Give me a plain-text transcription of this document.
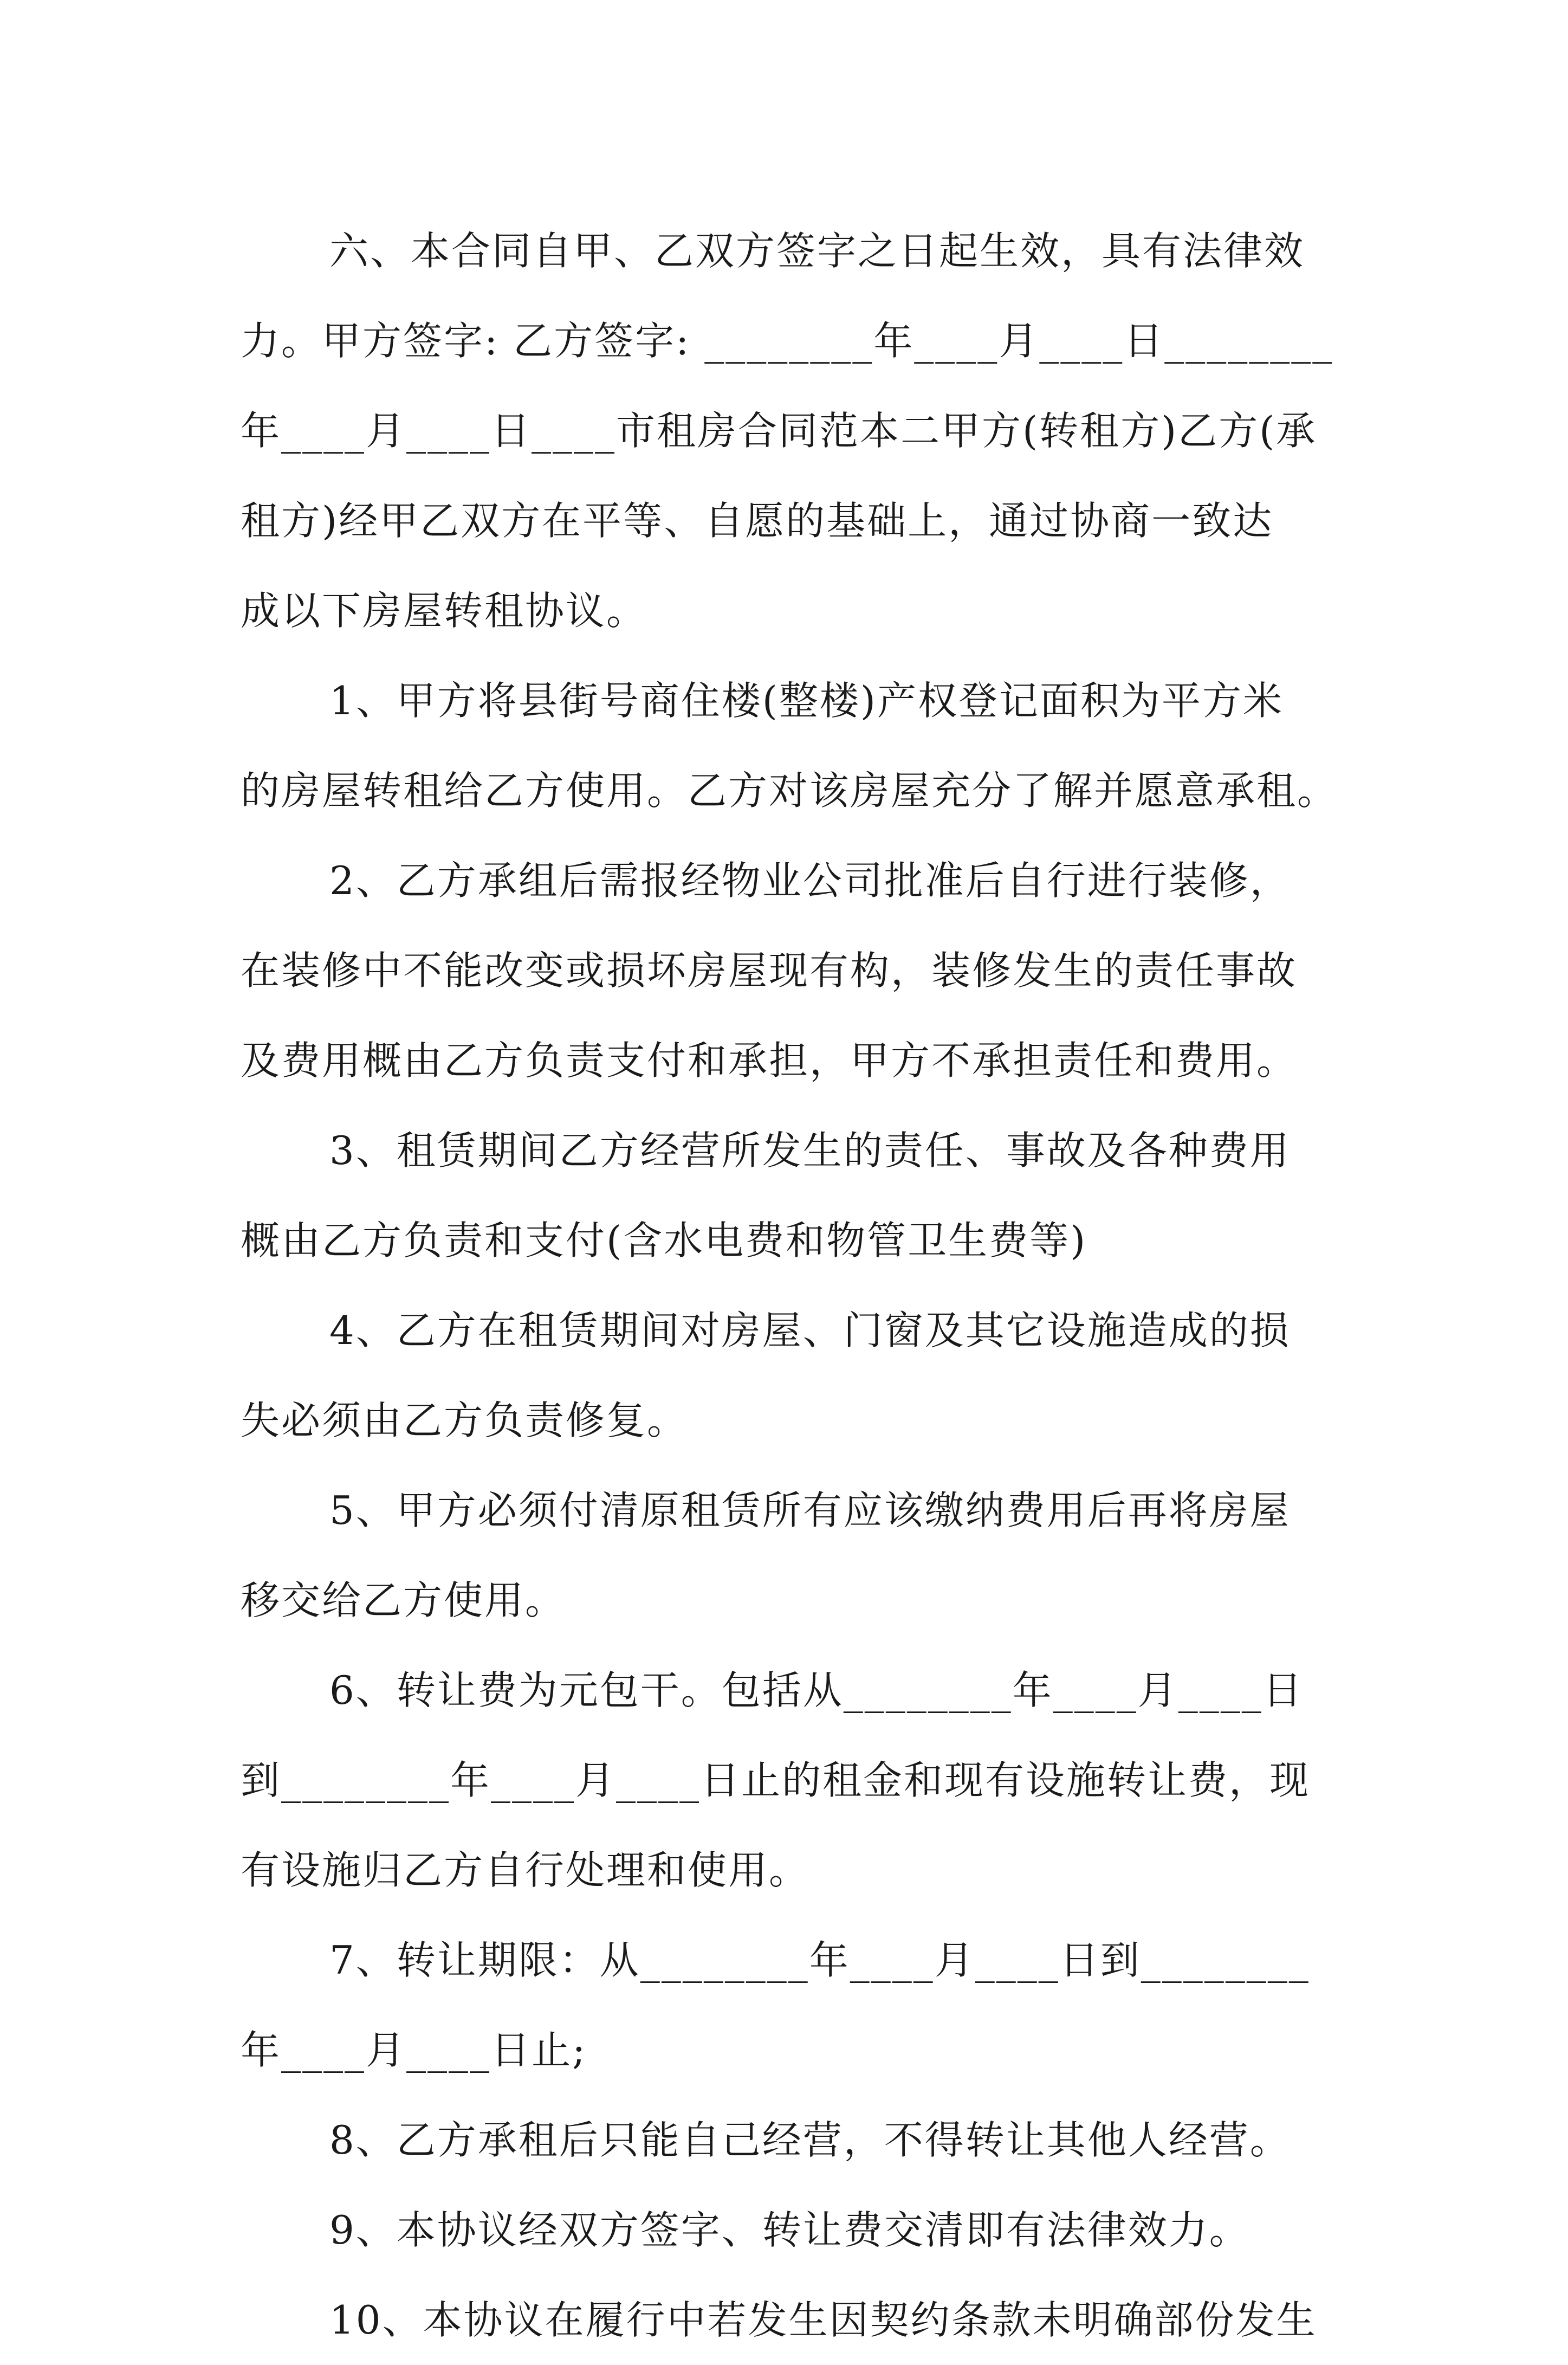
六、本合同自甲、乙双方签字之日起生效，具有法律效
力。甲方签字: 乙方签字: ________年____月____日________
年____月____日____市租房合同范本二甲方(转租方)乙方(承
租方)经甲乙双方在平等、自愿的基础上，通过协商一致达
成以下房屋转租协议。
1、甲方将县街号商住楼(整楼)产权登记面积为平方米
的房屋转租给乙方使用。乙方对该房屋充分了解并愿意承租。
2、乙方承组后需报经物业公司批准后自行进行装修，
在装修中不能改变或损坏房屋现有构，装修发生的责任事故
及费用概由乙方负责支付和承担，甲方不承担责任和费用。
3、租赁期间乙方经营所发生的责任、事故及各种费用
概由乙方负责和支付(含水电费和物管卫生费等)
4、乙方在租赁期间对房屋、门窗及其它设施造成的损
失必须由乙方负责修复。
5、甲方必须付清原租赁所有应该缴纳费用后再将房屋
移交给乙方使用。
6、转让费为元包干。包括从________年____月____日
到________年____月____日止的租金和现有设施转让费，现
有设施归乙方自行处理和使用。
7、转让期限：从________年____月____日到________
年____月____日止;
8、乙方承租后只能自己经营，不得转让其他人经营。
9、本协议经双方签字、转让费交清即有法律效力。
10、本协议在履行中若发生因契约条款未明确部份发生
